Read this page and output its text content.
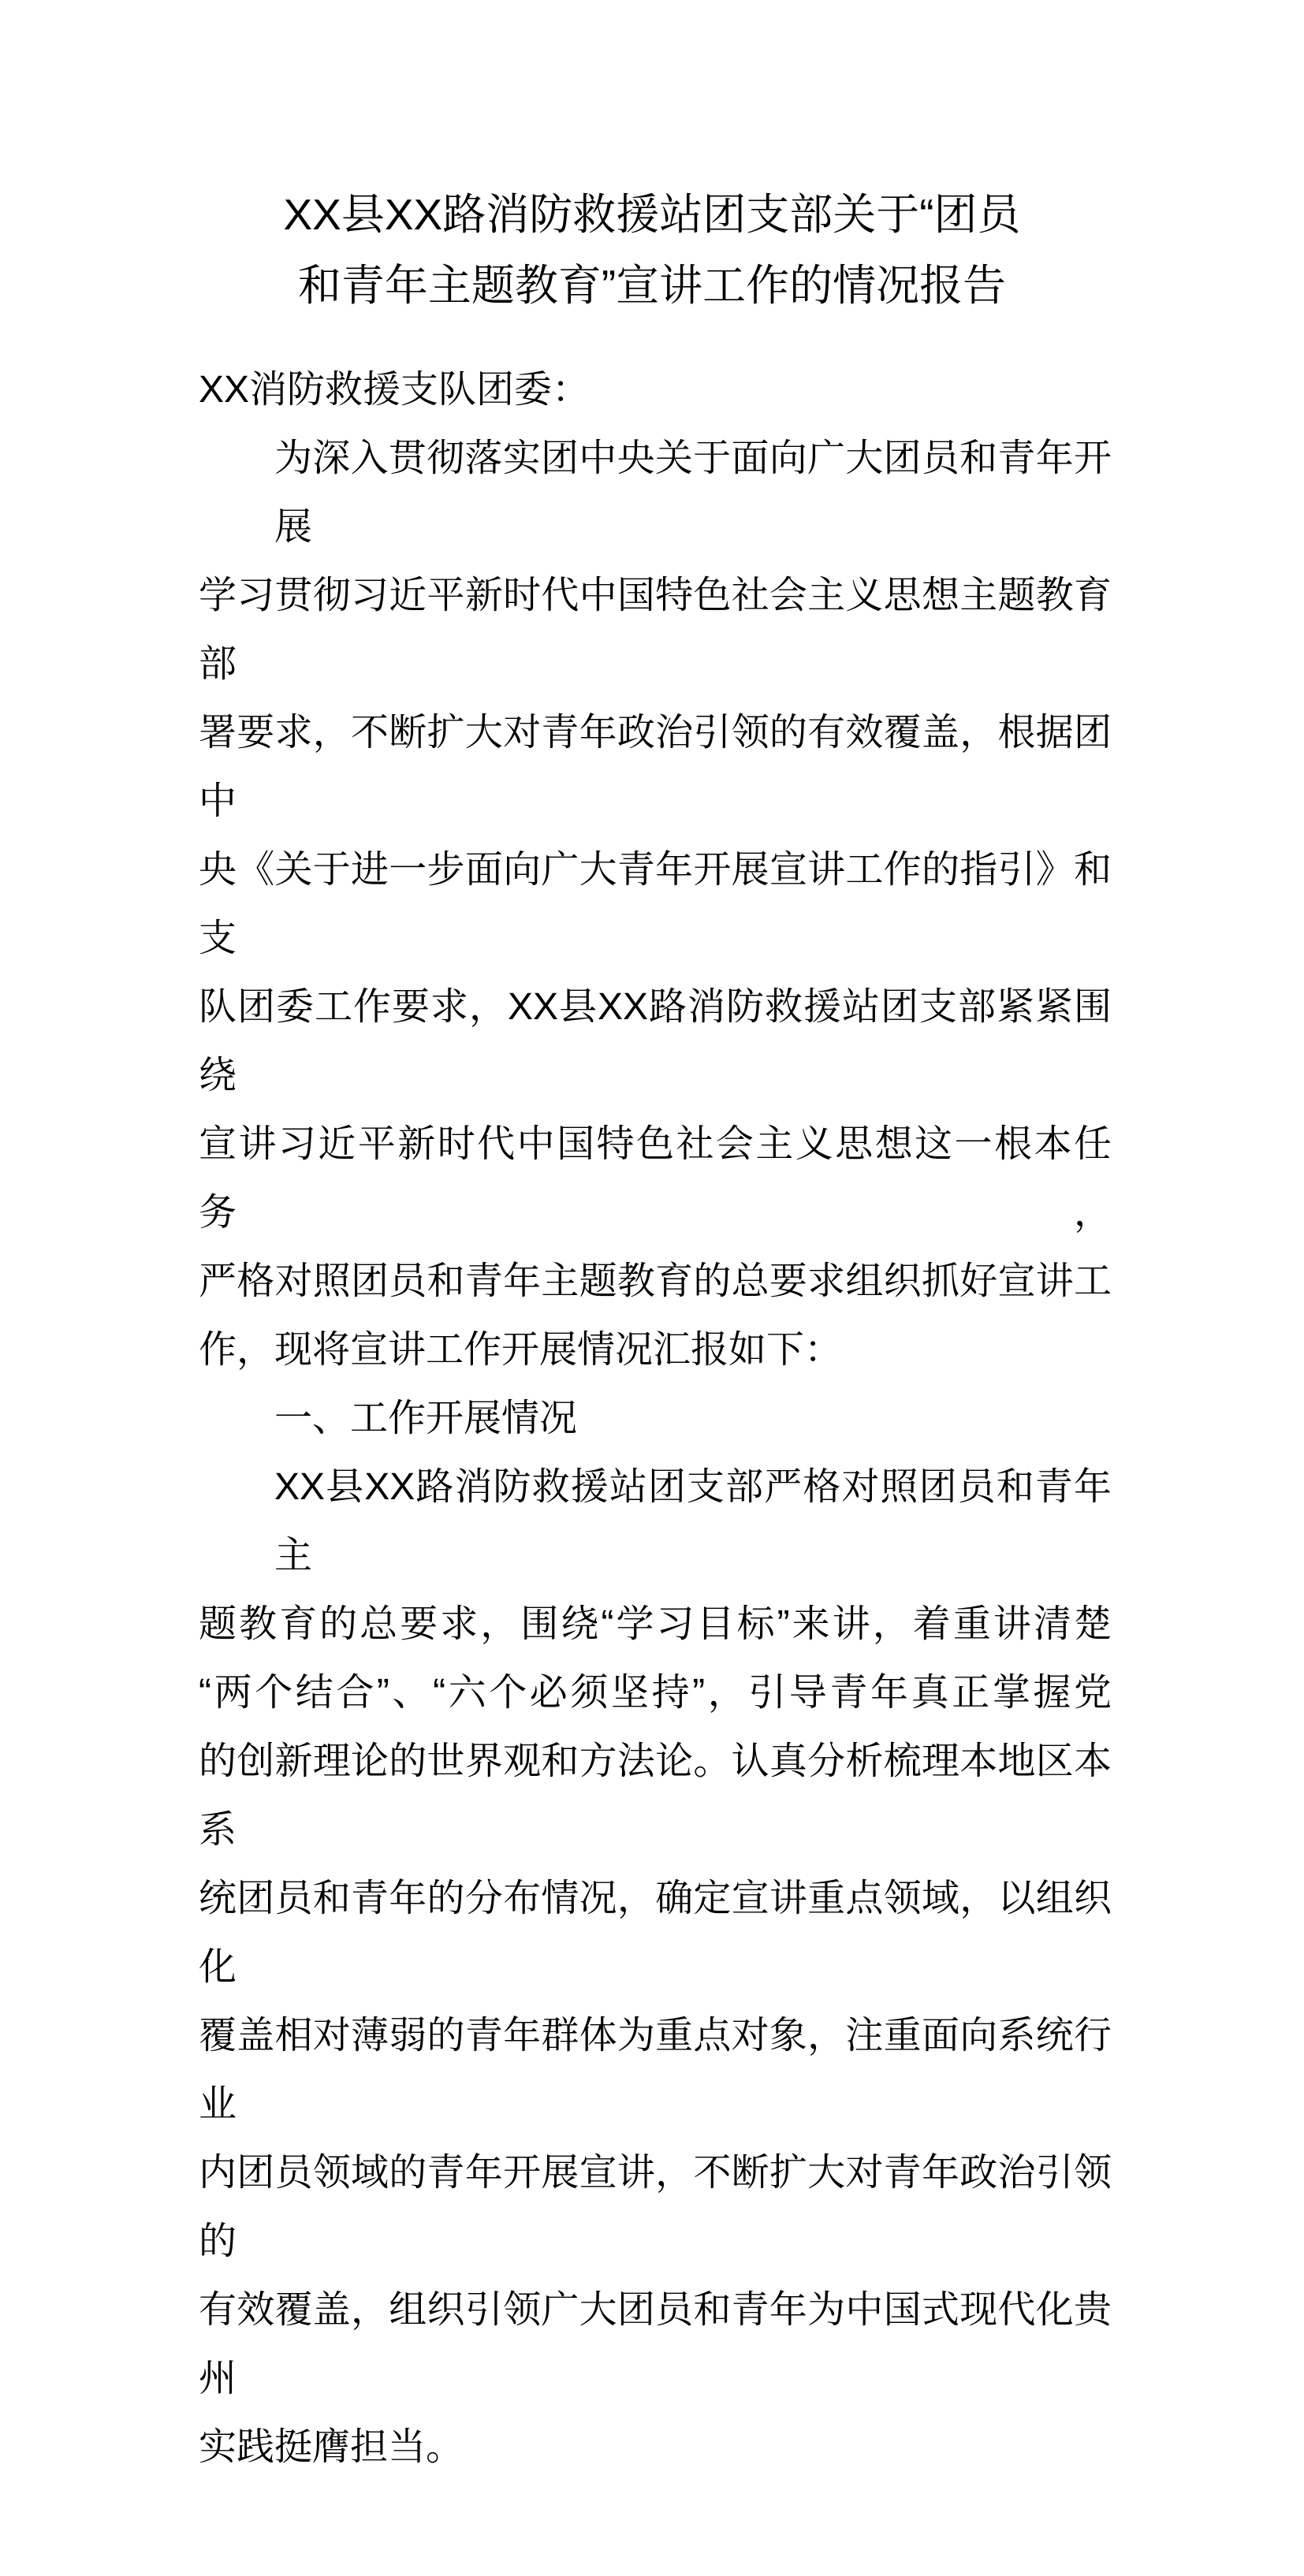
XX县XX路消防救援站团支部关于“团员
和青年主题教育”宣讲工作的情况报告
XX消防救援支队团委：
为深入贯彻落实团中央关于面向广大团员和青年开展
学习贯彻习近平新时代中国特色社会主义思想主题教育部
署要求，不断扩大对青年政治引领的有效覆盖，根据团中
央《关于进一步面向广大青年开展宣讲工作的指引》和支
队团委工作要求，XX县XX路消防救援站团支部紧紧围绕
宣讲习近平新时代中国特色社会主义思想这一根本任务，
严格对照团员和青年主题教育的总要求组织抓好宣讲工
作，现将宣讲工作开展情况汇报如下：
一、工作开展情况
XX县XX路消防救援站团支部严格对照团员和青年主
题教育的总要求，围绕“学习目标”来讲，着重讲清楚
“两个结合”、“六个必须坚持”，引导青年真正掌握党
的创新理论的世界观和方法论。认真分析梳理本地区本系
统团员和青年的分布情况，确定宣讲重点领域，以组织化
覆盖相对薄弱的青年群体为重点对象，注重面向系统行业
内团员领域的青年开展宣讲，不断扩大对青年政治引领的
有效覆盖，组织引领广大团员和青年为中国式现代化贵州
实践挺膺担当。
